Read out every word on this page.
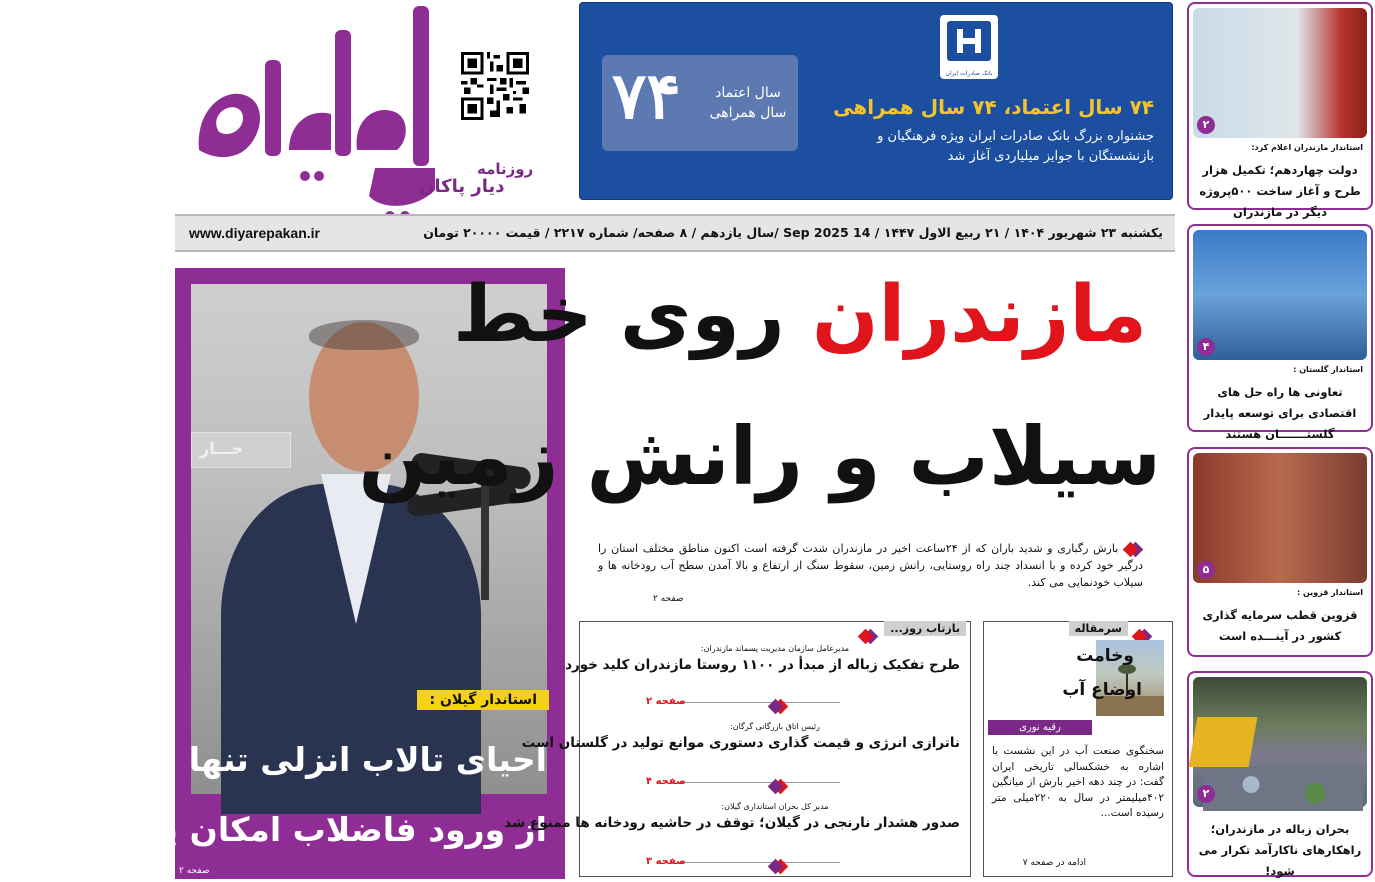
دیار پاکان
روزنامه
۷۴	سال اعتماد سال همراهی
بانک صادرات ایران
۷۴ سال اعتماد، ۷۴ سال همراهی
جشنواره بزرگ بانک صادرات ایران ویژه فرهنگیان و بازنشستگان با جوایز میلیاردی آغاز شد
یکشنبه ۲۳ شهریور ۱۴۰۴ / ۲۱ ربیع الاول ۱۴۴۷ / 14 Sep 2025 /سال یازدهم / ۸ صفحه/ شماره ۲۲۱۷ / قیمت ۲۰۰۰۰ تومان
www.diyarepakan.ir
جـــار
استاندار گیلان :
احیای تالاب انزلی تنها با جلوگیری
از ورود فاضلاب امکان پذیر است
صفحه ۲
مازندران روی خط
سیلاب و رانش زمین
بارش رگباری و شدید باران که از ۲۴ساعت اخیر در مازندران شدت گرفته است اکنون مناطق مختلف استان را درگیر خود کرده و با انسداد چند راه روستایی، رانش زمین، سقوط سنگ از ارتفاع و بالا آمدن سطح آب رودخانه ها و سیلاب خودنمایی می کند.
صفحه ۲
بازتاب روز...
مدیرعامل سازمان مدیریت پسماند مازندران:
طرح تفکیک زباله از مبدأ در ۱۱۰۰ روستا مازندران کلید خورد
صفحه ۲
رئیس اتاق بازرگانی گرگان:
ناترازی انرژی و قیمت گذاری دستوری موانع تولید در گلستان است
صفحه ۴
مدیر کل بحران استانداری گیلان:
صدور هشدار نارنجی در گیلان؛ توقف در حاشیه رودخانه ها ممنوع شد
صفحه ۳
سرمقاله
وخامت
اوضاع آب
رقیه نوری
سخنگوی صنعت آب در این نشست با اشاره به خشکسالی تاریخی ایران گفت: در چند دهه اخیر بارش از میانگین ۴۰۲میلیمتر در سال به ۲۲۰میلی متر رسیده است...
ادامه در صفحه ۷
۲
استاندار مازندران اعلام کرد:
دولت چهاردهم؛ تکمیل هزار طرح و آغاز ساخت ۵۰۰پروژه دیگر در مازندران
۴
استاندار گلستان :
تعاونی ها راه حل های اقتصادی برای توسعه پایدار گلستـــــــان هستند
۵
استاندار قزوین :
قزوین قطب سرمایه گذاری کشور در آینـــده است
۲
بحران زباله در مازندران؛ راهکارهای ناکارآمد تکرار می شود!
